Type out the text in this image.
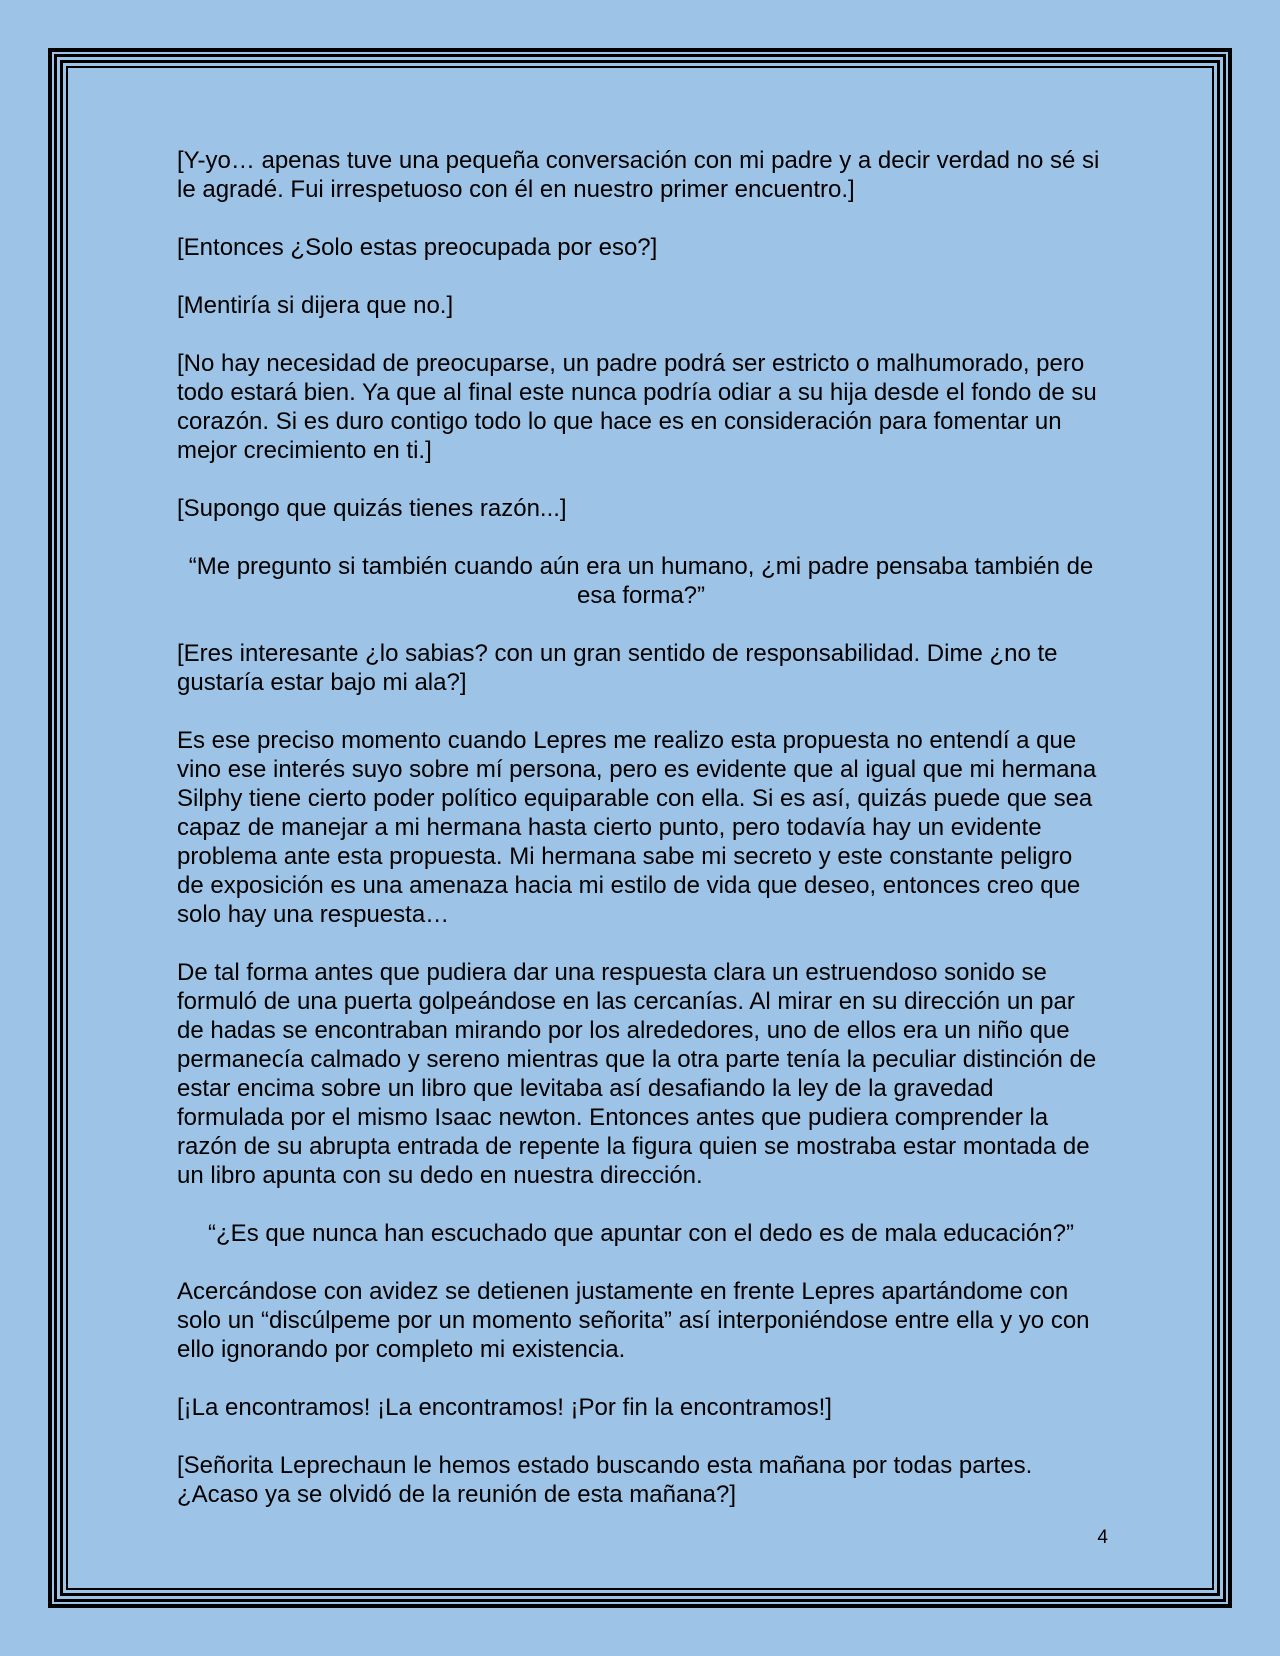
[Y-yo… apenas tuve una pequeña conversación con mi padre y a decir verdad no sé si le agradé. Fui irrespetuoso con él en nuestro primer encuentro.]

[Entonces ¿Solo estas preocupada por eso?]

[Mentiría si dijera que no.]

[No hay necesidad de preocuparse, un padre podrá ser estricto o malhumorado, pero todo estará bien. Ya que al final este nunca podría odiar a su hija desde el fondo de su corazón. Si es duro contigo todo lo que hace es en consideración para fomentar un mejor crecimiento en ti.]

[Supongo que quizás tienes razón...]

“Me pregunto si también cuando aún era un humano, ¿mi padre pensaba también de esa forma?”

[Eres interesante ¿lo sabias? con un gran sentido de responsabilidad. Dime ¿no te gustaría estar bajo mi ala?]

Es ese preciso momento cuando Lepres me realizo esta propuesta no entendí a que vino ese interés suyo sobre mí persona, pero es evidente que al igual que mi hermana Silphy tiene cierto poder político equiparable con ella. Si es así, quizás puede que sea capaz de manejar a mi hermana hasta cierto punto, pero todavía hay un evidente problema ante esta propuesta. Mi hermana sabe mi secreto y este constante peligro de exposición es una amenaza hacia mi estilo de vida que deseo, entonces creo que solo hay una respuesta…

De tal forma antes que pudiera dar una respuesta clara un estruendoso sonido se formuló de una puerta golpeándose en las cercanías. Al mirar en su dirección un par de hadas se encontraban mirando por los alrededores, uno de ellos era un niño que permanecía calmado y sereno mientras que la otra parte tenía la peculiar distinción de estar encima sobre un libro que levitaba así desafiando la ley de la gravedad formulada por el mismo Isaac newton. Entonces antes que pudiera comprender la razón de su abrupta entrada de repente la figura quien se mostraba estar montada de un libro apunta con su dedo en nuestra dirección.

“¿Es que nunca han escuchado que apuntar con el dedo es de mala educación?”

Acercándose con avidez se detienen justamente en frente Lepres apartándome con solo un “discúlpeme por un momento señorita” así interponiéndose entre ella y yo con ello ignorando por completo mi existencia.

[¡La encontramos! ¡La encontramos! ¡Por fin la encontramos!]

[Señorita Leprechaun le hemos estado buscando esta mañana por todas partes. ¿Acaso ya se olvidó de la reunión de esta mañana?]

4
